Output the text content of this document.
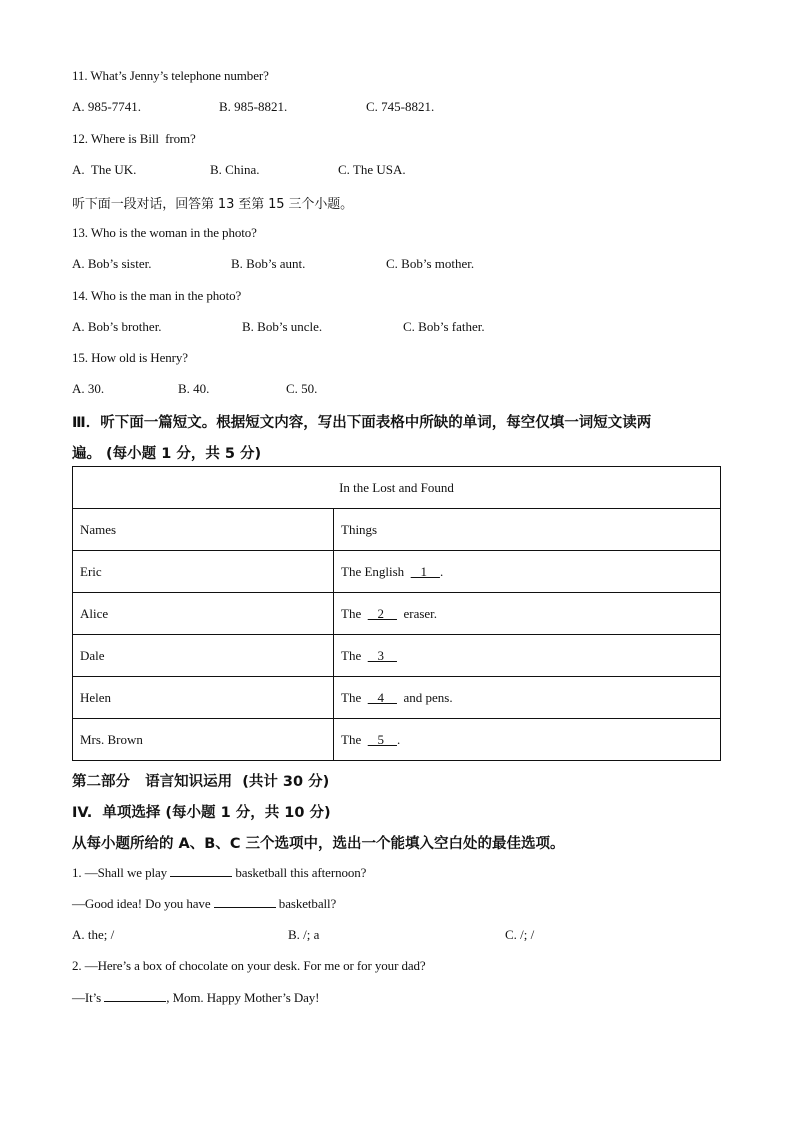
11. What’s Jenny’s telephone number?
A. 985-7741.	B. 985-8821.	C. 745-8821.
12. Where is Bill  from?
A.  The UK.	B. China.	C. The USA.
听下面一段对话，回答第 13 至第 15 三个小题。
13. Who is the woman in the photo?
A. Bob’s sister.	B. Bob’s aunt.	C. Bob’s mother.
14. Who is the man in the photo?
A. Bob’s brother.	B. Bob’s uncle.	C. Bob’s father.
15. How old is Henry?
A. 30.	B. 40.	C. 50.
Ⅲ．听下面一篇短文。根据短文内容，写出下面表格中所缺的单词，每空仅填一词短文读两
遍。 (每小题 1 分，共 5 分)
In the Lost and Found	
Names	Things
Eric	The English     1    .
Alice	The     2      eraser.
Dale	The     3
Helen	The     4      and pens.
Mrs. Brown	The     5    .
第二部分   语言知识运用  (共计 30 分)
IV.  单项选择 (每小题 1 分，共 10 分)
从每小题所给的 A、B、C 三个选项中，选出一个能填入空白处的最佳选项。
1. —Shall we play	basketball this afternoon?
—Good idea! Do you have	basketball?
A. the; /	B. /; a	C. /; /
2. —Here’s a box of chocolate on your desk. For me or for your dad?
—It’s	, Mom. Happy Mother’s Day!
